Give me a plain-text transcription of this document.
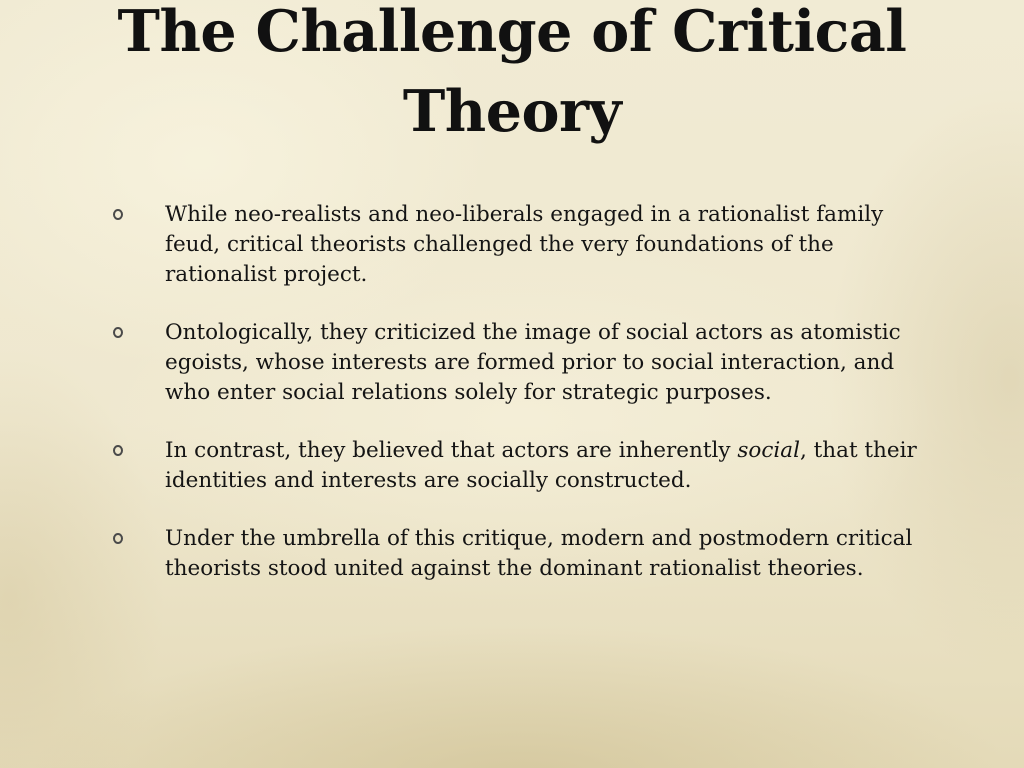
The Challenge of Critical Theory
While neo-realists and neo-liberals engaged in a rationalist family feud, critical theorists challenged the very foundations of the rationalist project.
Ontologically, they criticized the image of social actors as atomistic egoists, whose interests are formed prior to social interaction, and who enter social relations solely for strategic purposes.
In contrast, they believed that actors are inherently social, that their identities and interests are socially constructed.
Under the umbrella of this critique, modern and postmodern critical theorists stood united against the dominant rationalist theories.
